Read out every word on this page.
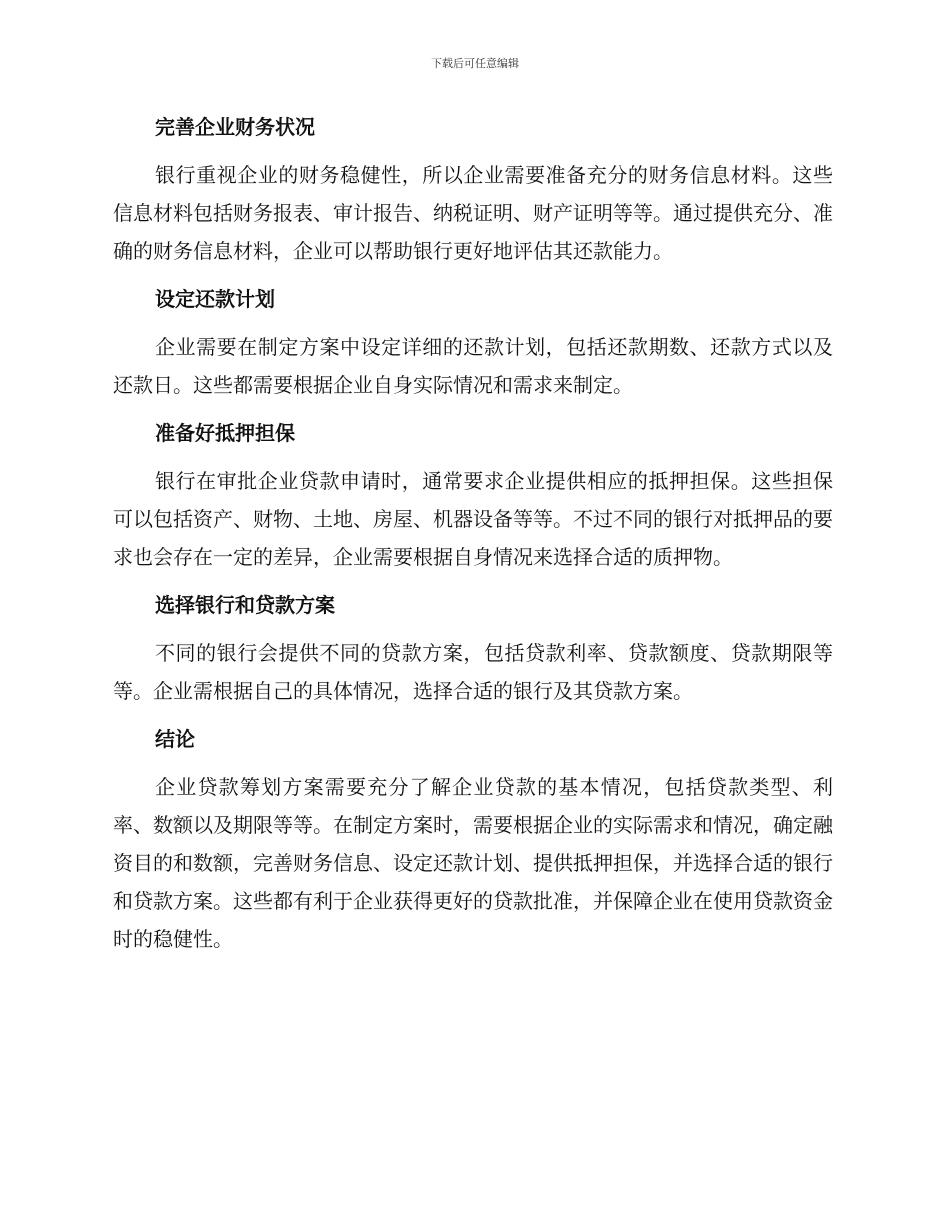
下载后可任意编辑
完善企业财务状况

银行重视企业的财务稳健性，所以企业需要准备充分的财务信息材料。这些信息材料包括财务报表、审计报告、纳税证明、财产证明等等。通过提供充分、准确的财务信息材料，企业可以帮助银行更好地评估其还款能力。

设定还款计划

企业需要在制定方案中设定详细的还款计划，包括还款期数、还款方式以及还款日。这些都需要根据企业自身实际情况和需求来制定。

准备好抵押担保

银行在审批企业贷款申请时，通常要求企业提供相应的抵押担保。这些担保可以包括资产、财物、土地、房屋、机器设备等等。不过不同的银行对抵押品的要求也会存在一定的差异，企业需要根据自身情况来选择合适的质押物。

选择银行和贷款方案

不同的银行会提供不同的贷款方案，包括贷款利率、贷款额度、贷款期限等等。企业需根据自己的具体情况，选择合适的银行及其贷款方案。

结论

企业贷款筹划方案需要充分了解企业贷款的基本情况，包括贷款类型、利率、数额以及期限等等。在制定方案时，需要根据企业的实际需求和情况，确定融资目的和数额，完善财务信息、设定还款计划、提供抵押担保，并选择合适的银行和贷款方案。这些都有利于企业获得更好的贷款批准，并保障企业在使用贷款资金时的稳健性。
